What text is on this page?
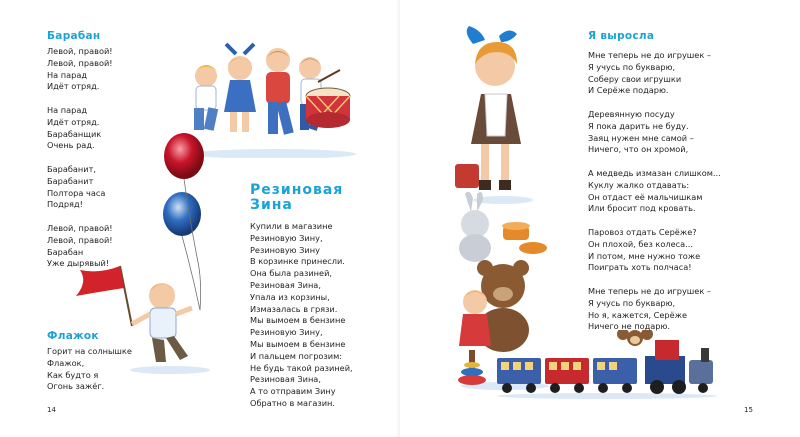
Барабан
Левой, правой!
Левой, правой!
На парад
Идёт отряд.
На парад
Идёт отряд.
Барабанщик
Очень рад.
Барабанит,
Барабанит
Полтора часа
Подряд!
Левой, правой!
Левой, правой!
Барабан
Уже дырявый!
Флажок
Горит на солнышке
Флажок,
Как будто я
Огонь зажёг.
Резиновая
Зина
Купили в магазине
Резиновую Зину,
Резиновую Зину
В корзинке принесли.
Она была разиней,
Резиновая Зина,
Упала из корзины,
Измазалась в грязи.
Мы вымоем в бензине
Резиновую Зину,
Мы вымоем в бензине
И пальцем погрозим:
Не будь такой разиней,
Резиновая Зина,
А то отправим Зину
Обратно в магазин.
14
Я выросла
Мне теперь не до игрушек –
Я учусь по букварю,
Соберу свои игрушки
И Серёже подарю.
Деревянную посуду
Я пока дарить не буду.
Заяц нужен мне самой –
Ничего, что он хромой,
А медведь измазан слишком...
Куклу жалко отдавать:
Он отдаст её мальчишкам
Или бросит под кровать.
Паровоз отдать Серёже?
Он плохой, без колеса...
И потом, мне нужно тоже
Поиграть хоть полчаса!
Мне теперь не до игрушек –
Я учусь по букварю,
Но я, кажется, Серёже
Ничего не подарю.
15
